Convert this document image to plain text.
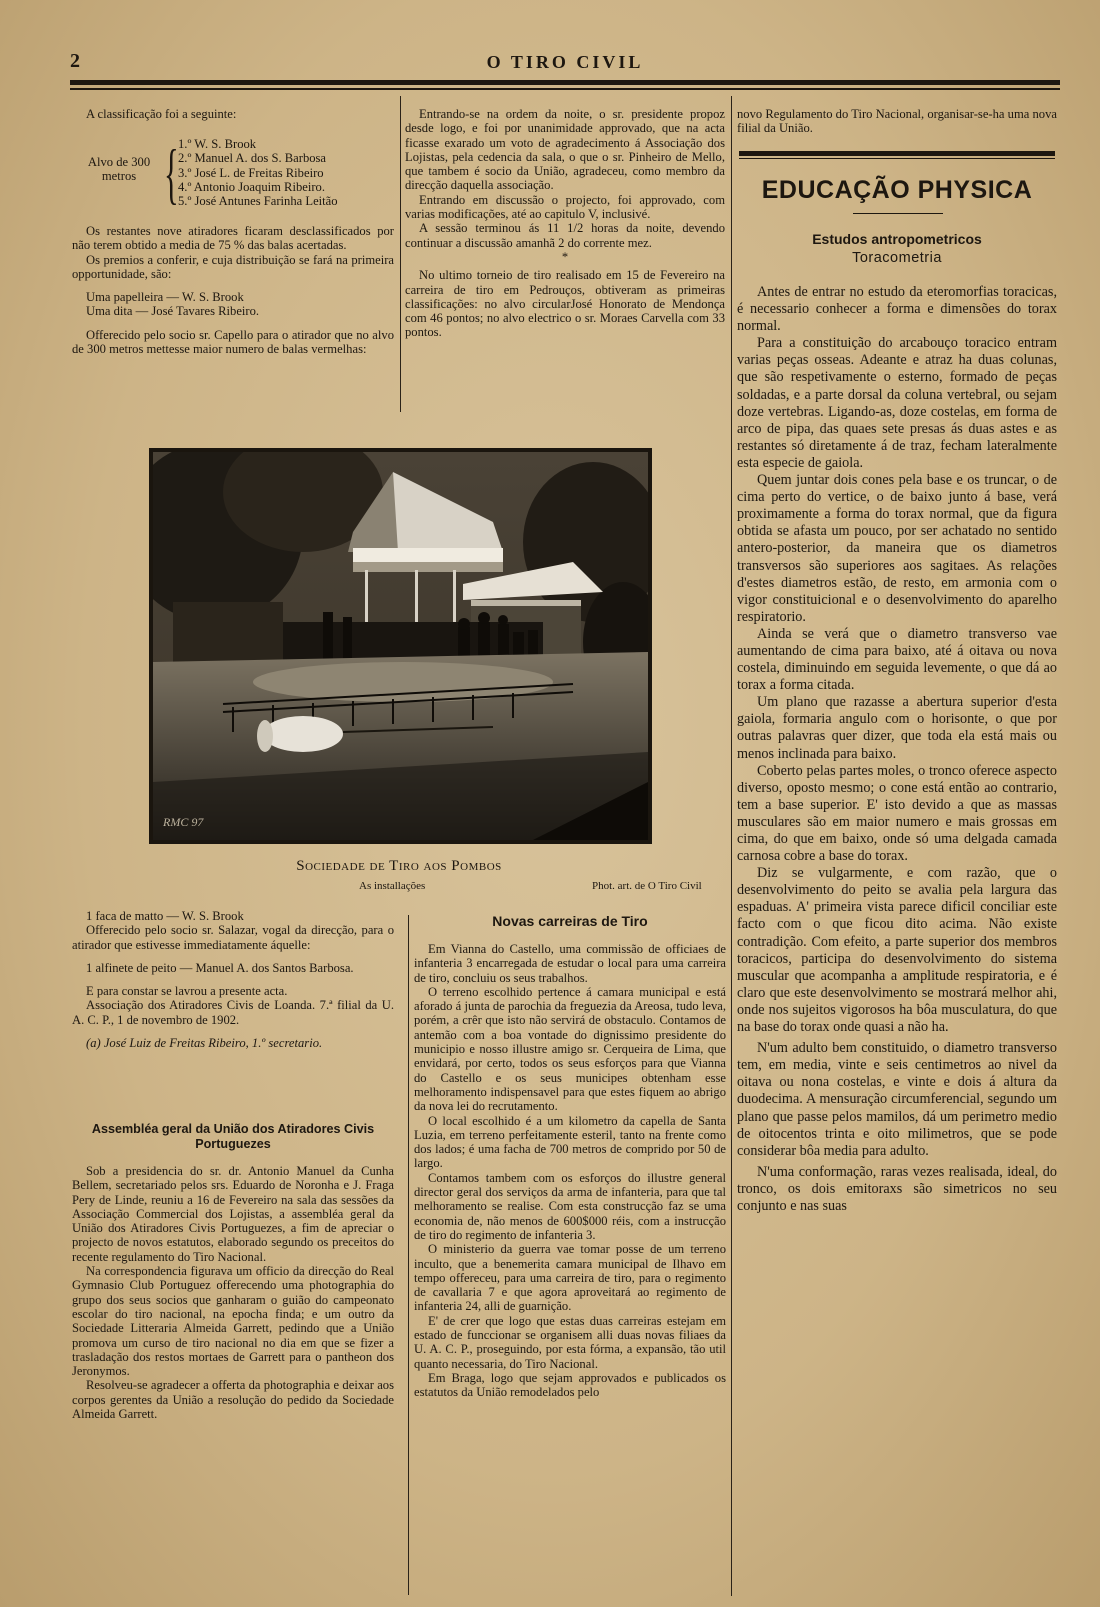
2	O TIRO CIVIL

A classificação foi a seguinte:

Alvo de 300 metros { 1.º W. S. Brook
2.º Manuel A. dos S. Barbosa
3.º José L. de Freitas Ribeiro
4.º Antonio Joaquim Ribeiro.
5.º José Antunes Farinha Leitão

Os restantes nove atiradores ficaram desclassificados por não terem obtido a media de 75 % das balas acertadas.

Os premios a conferir, e cuja distribuição se fará na primeira opportunidade, são:

Uma papelleira — W. S. Brook

Uma dita — José Tavares Ribeiro.

Offerecido pelo socio sr. Capello para o atirador que no alvo de 300 metros mettesse maior numero de balas vermelhas:

Entrando-se na ordem da noite, o sr. presidente propoz desde logo, e foi por unanimidade approvado, que na acta ficasse exarado um voto de agradecimento á Associação dos Lojistas, pela cedencia da sala, o que o sr. Pinheiro de Mello, que tambem é socio da União, agradeceu, como membro da direcção daquella associação.

Entrando em discussão o projecto, foi approvado, com varias modificações, até ao capitulo V, inclusivé.

A sessão terminou ás 11 1/2 horas da noite, devendo continuar a discussão amanhã 2 do corrente mez.

*

No ultimo torneio de tiro realisado em 15 de Fevereiro na carreira de tiro em Pedrouços, obtiveram as primeiras classificações: no alvo circularJosé Honorato de Mendonça com 46 pontos; no alvo electrico o sr. Moraes Carvella com 33 pontos.

novo Regulamento do Tiro Nacional, organisar-se-ha uma nova filial da União.

EDUCAÇÃO PHYSICA
Estudos antropometricos
Toracometria

Antes de entrar no estudo da eteromorfias toracicas, é necessario conhecer a forma e dimensões do torax normal.

Para a constituição do arcabouço toracico entram varias peças osseas. Adeante e atraz ha duas colunas, que são respetivamente o esterno, formado de peças soldadas, e a parte dorsal da coluna vertebral, ou sejam doze vertebras. Ligando-as, doze costelas, em forma de arco de pipa, das quaes sete presas ás duas astes e as restantes só diretamente á de traz, fecham lateralmente esta especie de gaiola.

Quem juntar dois cones pela base e os truncar, o de cima perto do vertice, o de baixo junto á base, verá proximamente a forma do torax normal, que da figura obtida se afasta um pouco, por ser achatado no sentido antero-posterior, da maneira que os diametros transversos são superiores aos sagitaes. As relações d'estes diametros estão, de resto, em armonia com o vigor constituicional e o desenvolvimento do aparelho respiratorio.

Ainda se verá que o diametro transverso vae aumentando de cima para baixo, até á oitava ou nova costela, diminuindo em seguida levemente, o que dá ao torax a forma citada.

Um plano que razasse a abertura superior d'esta gaiola, formaria angulo com o horisonte, o que por outras palavras quer dizer, que toda ela está mais ou menos inclinada para baixo.

Coberto pelas partes moles, o tronco oferece aspecto diverso, oposto mesmo; o cone está então ao contrario, tem a base superior. E' isto devido a que as massas musculares são em maior numero e mais grossas em cima, do que em baixo, onde só uma delgada camada carnosa cobre a base do torax.

Diz se vulgarmente, e com razão, que o desenvolvimento do peito se avalia pela largura das espaduas. A' primeira vista parece dificil conciliar este facto com o que ficou dito acima. Não existe contradição. Com efeito, a parte superior dos membros toracicos, participa do desenvolvimento do sistema muscular que acompanha a amplitude respiratoria, e é claro que este desenvolvimento se mostrará melhor ahi, onde nos sujeitos vigorosos ha bôa musculatura, do que na base do torax onde quasi a não ha.

N'um adulto bem constituido, o diametro transverso tem, em media, vinte e seis centimetros ao nivel da oitava ou nona costelas, e vinte e dois á altura da duodecima. A mensuração circumferencial, segundo um plano que passe pelos mamilos, dá um perimetro medio de oitocentos trinta e oito milimetros, que se pode considerar bôa media para adulto.

N'uma conformação, raras vezes realisada, ideal, do tronco, os dois emitoraxs são simetricos no seu conjunto e nas suas

RMC 97
Sociedade de Tiro aos Pombos
As installações	Phot. art. de O Tiro Civil

1 faca de matto — W. S. Brook

Offerecido pelo socio sr. Salazar, vogal da direcção, para o atirador que estivesse immediatamente áquelle:

1 alfinete de peito — Manuel A. dos Santos Barbosa.

E para constar se lavrou a presente acta.

Associação dos Atiradores Civis de Loanda. 7.ª filial da U. A. C. P., 1 de novembro de 1902.

(a) José Luiz de Freitas Ribeiro, 1.º secretario.

Assembléa geral da União dos Atiradores Civis Portuguezes

Sob a presidencia do sr. dr. Antonio Manuel da Cunha Bellem, secretariado pelos srs. Eduardo de Noronha e J. Fraga Pery de Linde, reuniu a 16 de Fevereiro na sala das sessões da Associação Commercial dos Lojistas, a assembléa geral da União dos Atiradores Civis Portuguezes, a fim de apreciar o projecto de novos estatutos, elaborado segundo os preceitos do recente regulamento do Tiro Nacional.

Na correspondencia figurava um officio da direcção do Real Gymnasio Club Portuguez offerecendo uma photographia do grupo dos seus socios que ganharam o guião do campeonato escolar do tiro nacional, na epocha finda; e um outro da Sociedade Litteraria Almeida Garrett, pedindo que a União promova um curso de tiro nacional no dia em que se fizer a trasladação dos restos mortaes de Garrett para o pantheon dos Jeronymos.

Resolveu-se agradecer a offerta da photographia e deixar aos corpos gerentes da União a resolução do pedido da Sociedade Almeida Garrett.

Novas carreiras de Tiro

Em Vianna do Castello, uma commissão de officiaes de infanteria 3 encarregada de estudar o local para uma carreira de tiro, concluiu os seus trabalhos.

O terreno escolhido pertence á camara municipal e está aforado á junta de parochia da freguezia da Areosa, tudo leva, porém, a crêr que isto não servirá de obstaculo. Contamos de antemão com a boa vontade do dignissimo presidente do municipio e nosso illustre amigo sr. Cerqueira de Lima, que envidará, por certo, todos os seus esforços para que Vianna do Castello e os seus municipes obtenham esse melhoramento indispensavel para que estes fiquem ao abrigo da nova lei do recrutamento.

O local escolhido é a um kilometro da capella de Santa Luzia, em terreno perfeitamente esteril, tanto na frente como dos lados; é uma facha de 700 metros de comprido por 50 de largo.

Contamos tambem com os esforços do illustre general director geral dos serviços da arma de infanteria, para que tal melhoramento se realise. Com esta construcção faz se uma economia de, não menos de 600$000 réis, com a instrucção de tiro do regimento de infanteria 3.

O ministerio da guerra vae tomar posse de um terreno inculto, que a benemerita camara municipal de Ilhavo em tempo offereceu, para uma carreira de tiro, para o regimento de cavallaria 7 e que agora aproveitará ao regimento de infanteria 24, alli de guarnição.

E' de crer que logo que estas duas carreiras estejam em estado de funccionar se organisem alli duas novas filiaes da U. A. C. P., proseguindo, por esta fórma, a expansão, tão util quanto necessaria, do Tiro Nacional.

Em Braga, logo que sejam approvados e publicados os estatutos da União remodelados pelo
